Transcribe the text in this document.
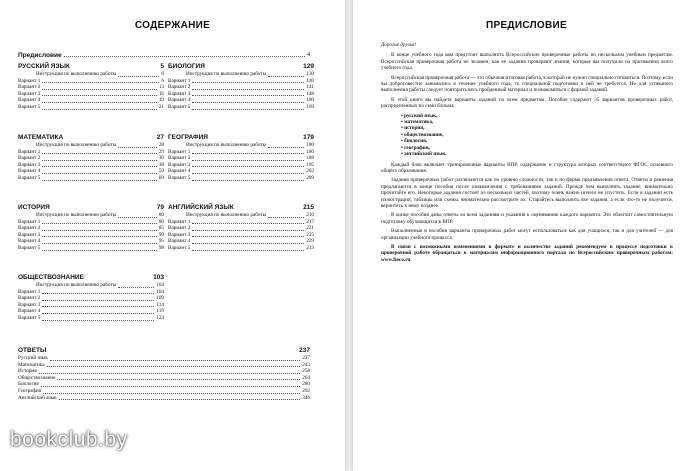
СОДЕРЖАНИЕ
Предисловие	4
РУССКИЙ ЯЗЫК	5
Инструкция по выполнению работы	6
Вариант 1	6
Вариант 2	13
Вариант 3	16
Вариант 4	19
Вариант 5	21
МАТЕМАТИКА	27
Инструкция по выполнению работы	28
Вариант 1	29
Вариант 2	30
Вариант 3	38
Вариант 4	59
Вариант 5	69
ИСТОРИЯ	79
Инструкция по выполнению работы	80
Вариант 1	80
Вариант 2	85
Вариант 3	90
Вариант 4	95
Вариант 5	98
ОБЩЕСТВОЗНАНИЕ	103
Инструкция по выполнению работы	104
Вариант 1	104
Вариант 2	109
Вариант 3	114
Вариант 4	119
Вариант 5	124
БИОЛОГИЯ	129
Инструкция по выполнению работы	130
Вариант 1	130
Вариант 2	141
Вариант 3	148
Вариант 4	160
Вариант 5	169
ГЕОГРАФИЯ	179
Инструкция по выполнению работы	180
Вариант 1	180
Вариант 2	188
Вариант 3	195
Вариант 4	202
Вариант 5	209
АНГЛИЙСКИЙ ЯЗЫК	215
Инструкция по выполнению работы	216
Вариант 1	217
Вариант 2	221
Вариант 3	225
Вариант 4	229
Вариант 5	233
ОТВЕТЫ	237
Русский язык	237
Математика	243
История	258
Обществознание	264
Биология	280
География	292
Английский язык	346
bookclub.by
ПРЕДИСЛОВИЕ

Дорогие друзья!

В конце учебного года вам предстоит выполнить Всероссийские проверочные работы по нескольким учебным предметам. Всероссийская проверочная работа не экзамен, как ее задания проверяют знания, которые вы получили на протяжении всего учебного года.

Всероссийская проверочная работа — это обычная итоговая работа, к которой не нужно специально готовиться. Поэтому, если вы добросовестно занимались в течение учебного года, то специальной подготовки к ней не требуется. Но для успешного выполнения работы следует повторить весь пройденный материал и познакомиться с формой заданий.

В этой книге вы найдете варианты заданий по всем предметам. Пособие содержит 35 вариантов проверочных работ, распределенных по семи блокам:

• русский язык,
• математика,
• история,
• обществознание,
• биология,
• география,
• английский язык.

Каждый блок включает тренировочные варианты ВПР, содержание и структура которых соответствуют ФГОС основного общего образования.

Задания проверочных работ различаются как по уровню сложности, так и по форме предъявления ответа. Ответы и решения предлагаются в конце пособия после ознакомления с требованиями заданий. Прежде чем выполнять задание, внимательно прочитайте его. Некоторые задания состоят из нескольких частей, поэтому очень важно ничего не упустить. Если в задании есть иллюстрации, таблицы или схемы, внимательно рассмотрите их. Старайтесь выполнить все задания, а если что-то не получится, вернитесь к нему позднее.

В конце пособия даны ответы ко всем заданиям и указания к оцениванию каждого варианта. Это облегчит самостоятельную подготовку обучающихся к ВПР.

Выполненные в пособии варианты проверочных работ могут использоваться как для учащихся, так и для учителей — для организации учебного процесса.

В связи с возможными изменениями в формате и количестве заданий рекомендуем в процессе подготовки к проверочной работе обращаться к материалам информационного портала по Всероссийским проверочным работам: www.fioco.ru
